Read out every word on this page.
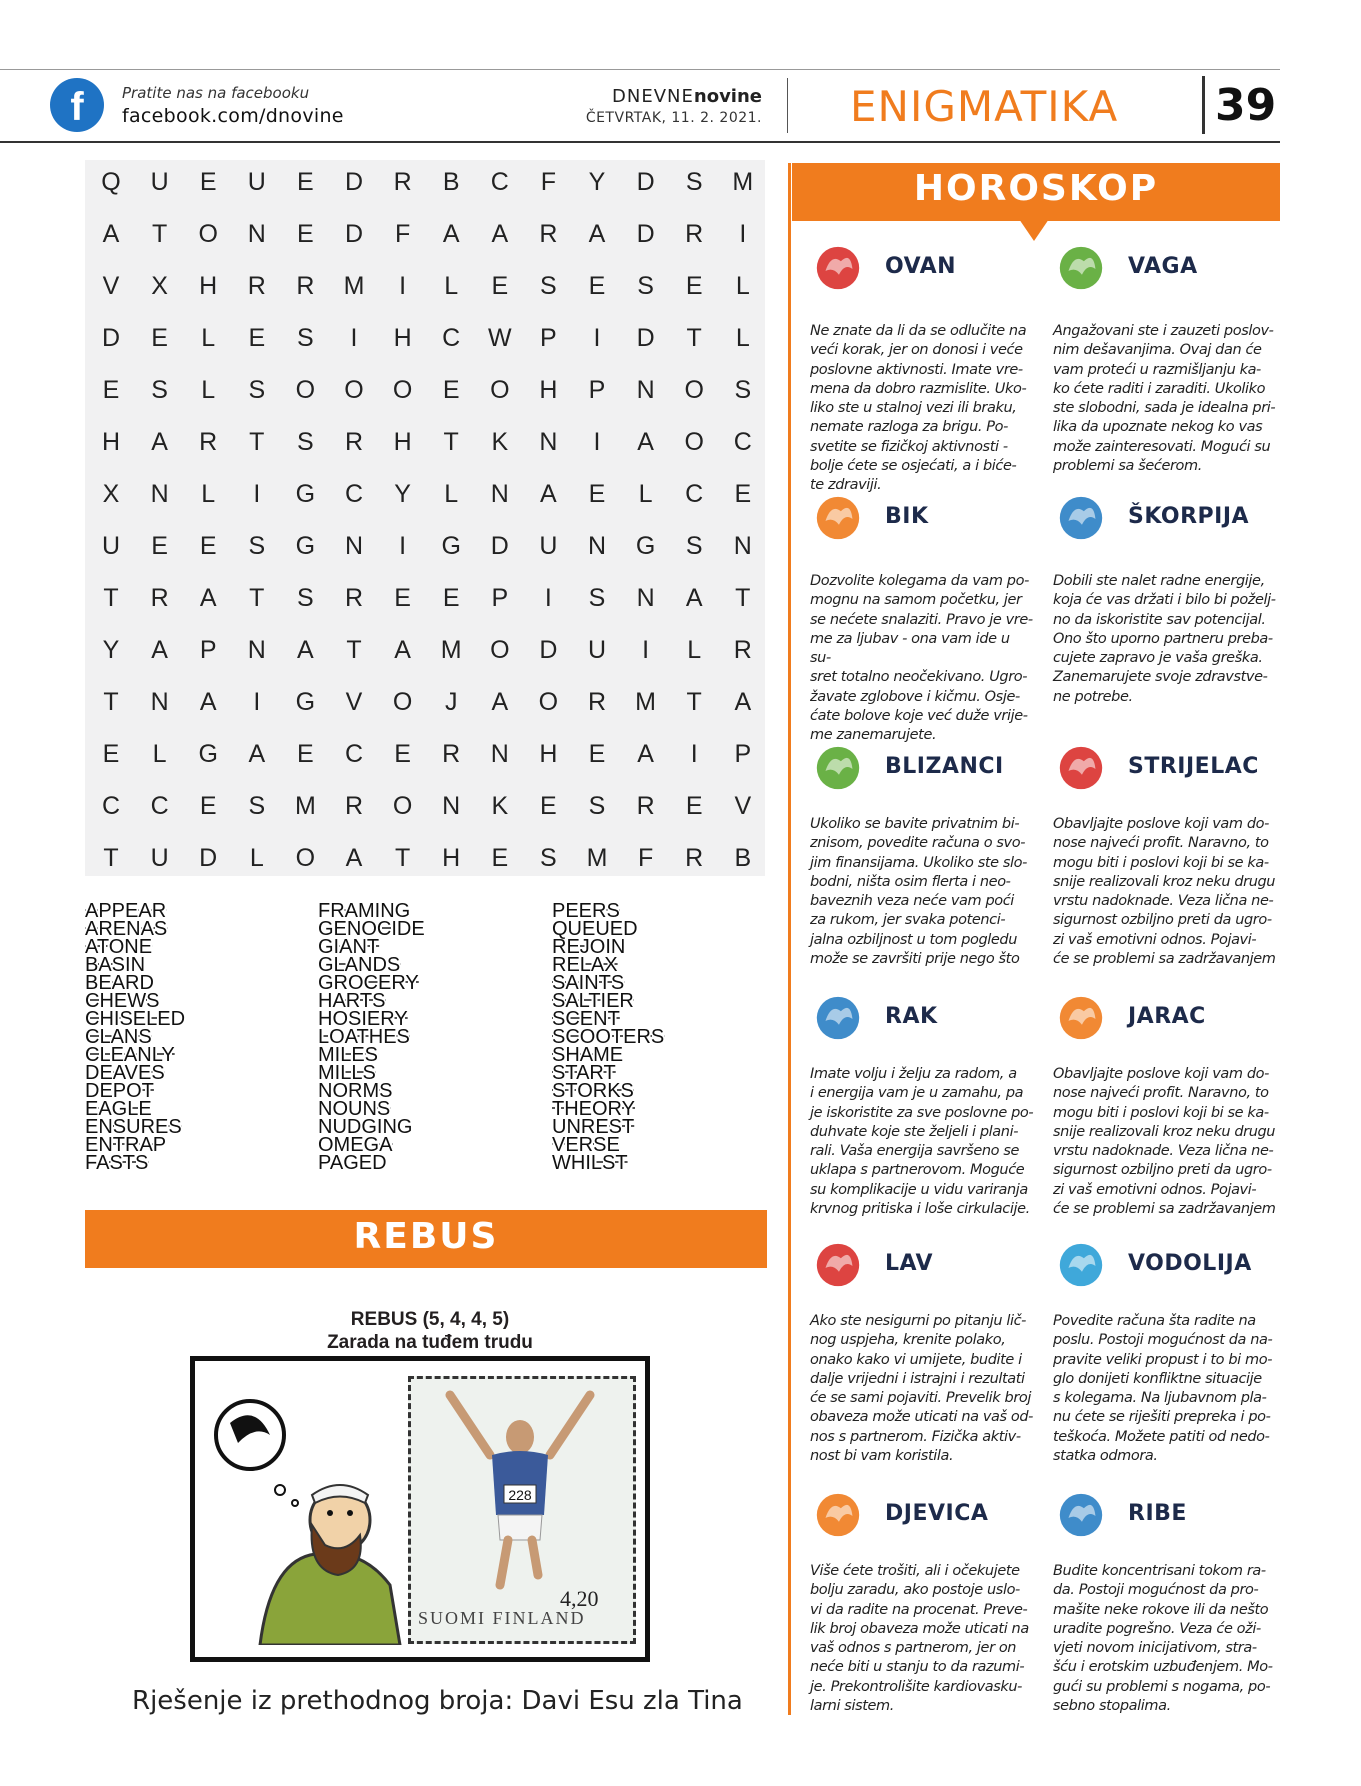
f	Pratite nas na facebooku
facebook.com/dnovine
DNEVNEnovine
ČETVRTAK, 11. 2. 2021. ENIGMATIKA 39
Q	U	E	U	E	D	R	B	C	F	Y	D	S	M
A	T	O	N	E	D	F	A	A	R	A	D	R	I
V	X	H	R	R	M	I	L	E	S	E	S	E	L
D	E	L	E	S	I	H	C	W	P	I	D	T	L
E	S	L	S	O	O	O	E	O	H	P	N	O	S
H	A	R	T	S	R	H	T	K	N	I	A	O	C
X	N	L	I	G	C	Y	L	N	A	E	L	C	E
U	E	E	S	G	N	I	G	D	U	N	G	S	N
T	R	A	T	S	R	E	E	P	I	S	N	A	T
Y	A	P	N	A	T	A	M	O	D	U	I	L	R
T	N	A	I	G	V	O	J	A	O	R	M	T	A
E	L	G	A	E	C	E	R	N	H	E	A	I	P
C	C	E	S	M	R	O	N	K	E	S	R	E	V
T	U	D	L	O	A	T	H	E	S	M	F	R	B
APPEAR
ARENAS
ATONE
BASIN
BEARD
CHEWS
CHISELED
CLANS
CLEANLY
DEAVES
DEPOT
EAGLE
ENSURES
ENTRAP
FASTS
FRAMING
GENOCIDE
GIANT
GLANDS
GROCERY
HARTS
HOSIERY
LOATHES
MILES
MILLS
NORMS
NOUNS
NUDGING
OMEGA
PAGED
PEERS
QUEUED
REJOIN
RELAX
SAINTS
SALTIER
SCENT
SCOOTERS
SHAME
START
STORKS
THEORY
UNREST
VERSE
WHILST
REBUS
REBUS (5, 4, 4, 5)
Zarada na tuđem trudu
228
4,20
SUOMI FINLAND
Rješenje iz prethodnog broja: Davi Esu zla Tina
HOROSKOP
OVAN
Ne znate da li da se odlučite na
veći korak, jer on donosi i veće
poslovne aktivnosti. Imate vre-
mena da dobro razmislite. Uko-
liko ste u stalnoj vezi ili braku,
nemate razloga za brigu. Po-
svetite se fizičkoj aktivnosti -
bolje ćete se osjećati, a i biće-
te zdraviji.
VAGA
Angažovani ste i zauzeti poslov-
nim dešavanjima. Ovaj dan će
vam proteći u razmišljanju ka-
ko ćete raditi i zaraditi. Ukoliko
ste slobodni, sada je idealna pri-
lika da upoznate nekog ko vas
može zainteresovati. Mogući su
problemi sa šećerom.
BIK
Dozvolite kolegama da vam po-
mognu na samom početku, jer
se nećete snalaziti. Pravo je vre-
me za ljubav - ona vam ide u su-
sret totalno neočekivano. Ugro-
žavate zglobove i kičmu. Osje-
ćate bolove koje već duže vrije-
me zanemarujete.
ŠKORPIJA
Dobili ste nalet radne energije,
koja će vas držati i bilo bi poželj-
no da iskoristite sav potencijal.
Ono što uporno partneru preba-
cujete zapravo je vaša greška.
Zanemarujete svoje zdravstve-
ne potrebe.
BLIZANCI
Ukoliko se bavite privatnim bi-
znisom, povedite računa o svo-
jim finansijama. Ukoliko ste slo-
bodni, ništa osim flerta i neo-
baveznih veza neće vam poći
za rukom, jer svaka potenci-
jalna ozbiljnost u tom pogledu
može se završiti prije nego što
STRIJELAC
Obavljajte poslove koji vam do-
nose najveći profit. Naravno, to
mogu biti i poslovi koji bi se ka-
snije realizovali kroz neku drugu
vrstu nadoknade. Veza lična ne-
sigurnost ozbiljno preti da ugro-
zi vaš emotivni odnos. Pojavi-
će se problemi sa zadržavanjem
RAK
Imate volju i želju za radom, a
i energija vam je u zamahu, pa
je iskoristite za sve poslovne po-
duhvate koje ste željeli i plani-
rali. Vaša energija savršeno se
uklapa s partnerovom. Moguće
su komplikacije u vidu variranja
krvnog pritiska i loše cirkulacije.
JARAC
Obavljajte poslove koji vam do-
nose najveći profit. Naravno, to
mogu biti i poslovi koji bi se ka-
snije realizovali kroz neku drugu
vrstu nadoknade. Veza lična ne-
sigurnost ozbiljno preti da ugro-
zi vaš emotivni odnos. Pojavi-
će se problemi sa zadržavanjem
LAV
Ako ste nesigurni po pitanju lič-
nog uspjeha, krenite polako,
onako kako vi umijete, budite i
dalje vrijedni i istrajni i rezultati
će se sami pojaviti. Prevelik broj
obaveza može uticati na vaš od-
nos s partnerom. Fizička aktiv-
nost bi vam koristila.
VODOLIJA
Povedite računa šta radite na
poslu. Postoji mogućnost da na-
pravite veliki propust i to bi mo-
glo donijeti konfliktne situacije
s kolegama. Na ljubavnom pla-
nu ćete se riješiti prepreka i po-
teškoća. Možete patiti od nedo-
statka odmora.
DJEVICA
Više ćete trošiti, ali i očekujete
bolju zaradu, ako postoje uslo-
vi da radite na procenat. Preve-
lik broj obaveza može uticati na
vaš odnos s partnerom, jer on
neće biti u stanju to da razumi-
je. Prekontrolišite kardiovasku-
larni sistem.
RIBE
Budite koncentrisani tokom ra-
da. Postoji mogućnost da pro-
mašite neke rokove ili da nešto
uradite pogrešno. Veza će oži-
vjeti novom inicijativom, stra-
šću i erotskim uzbuđenjem. Mo-
gući su problemi s nogama, po-
sebno stopalima.
